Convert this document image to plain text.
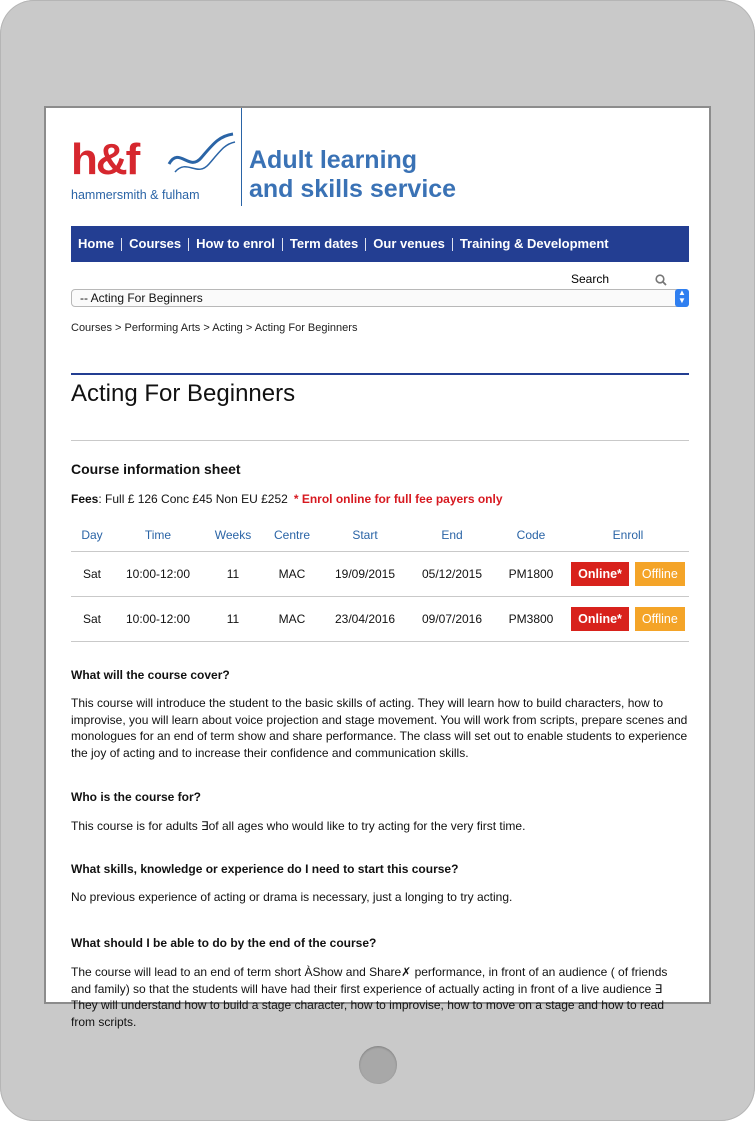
h&f
hammersmith & fulham
Adult learning
and skills service
Home	Courses	How to enrol	Term dates	Our venues	Training & Development
Search
-- Acting For Beginners	▲
▼
Courses > Performing Arts > Acting > Acting For Beginners
Acting For Beginners
Course information sheet
Fees: Full £ 126 Conc £45 Non EU £252 * Enrol online for full fee payers only
Day	Time	Weeks	Centre	Start	End	Code	Enroll
Sat	10:00-12:00	11	MAC	19/09/2015	05/12/2015	PM1800	Online* Offline
Sat	10:00-12:00	11	MAC	23/04/2016	09/07/2016	PM3800	Online* Offline
What will the course cover?
This course will introduce the student to the basic skills of acting. They will learn how to build characters, how to improvise, you will learn about voice projection and stage movement. You will work from scripts, prepare scenes and monologues for an end of term show and share performance. The class will set out to enable students to experience the joy of acting and to increase their confidence and communication skills.
Who is the course for?
This course is for adults ∃of all ages who would like to try acting for the very first time.
What skills, knowledge or experience do I need to start this course?
No previous experience of acting or drama is necessary, just a longing to try acting.
What should I be able to do by the end of the course?
The course will lead to an end of term short ÀShow and Share✗ performance, in front of an audience ( of friends and family) so that the students will have had their first experience of actually acting in front of a live audience ∃ They will understand how to build a stage character, how to improvise, how to move on a stage and how to read from scripts.
